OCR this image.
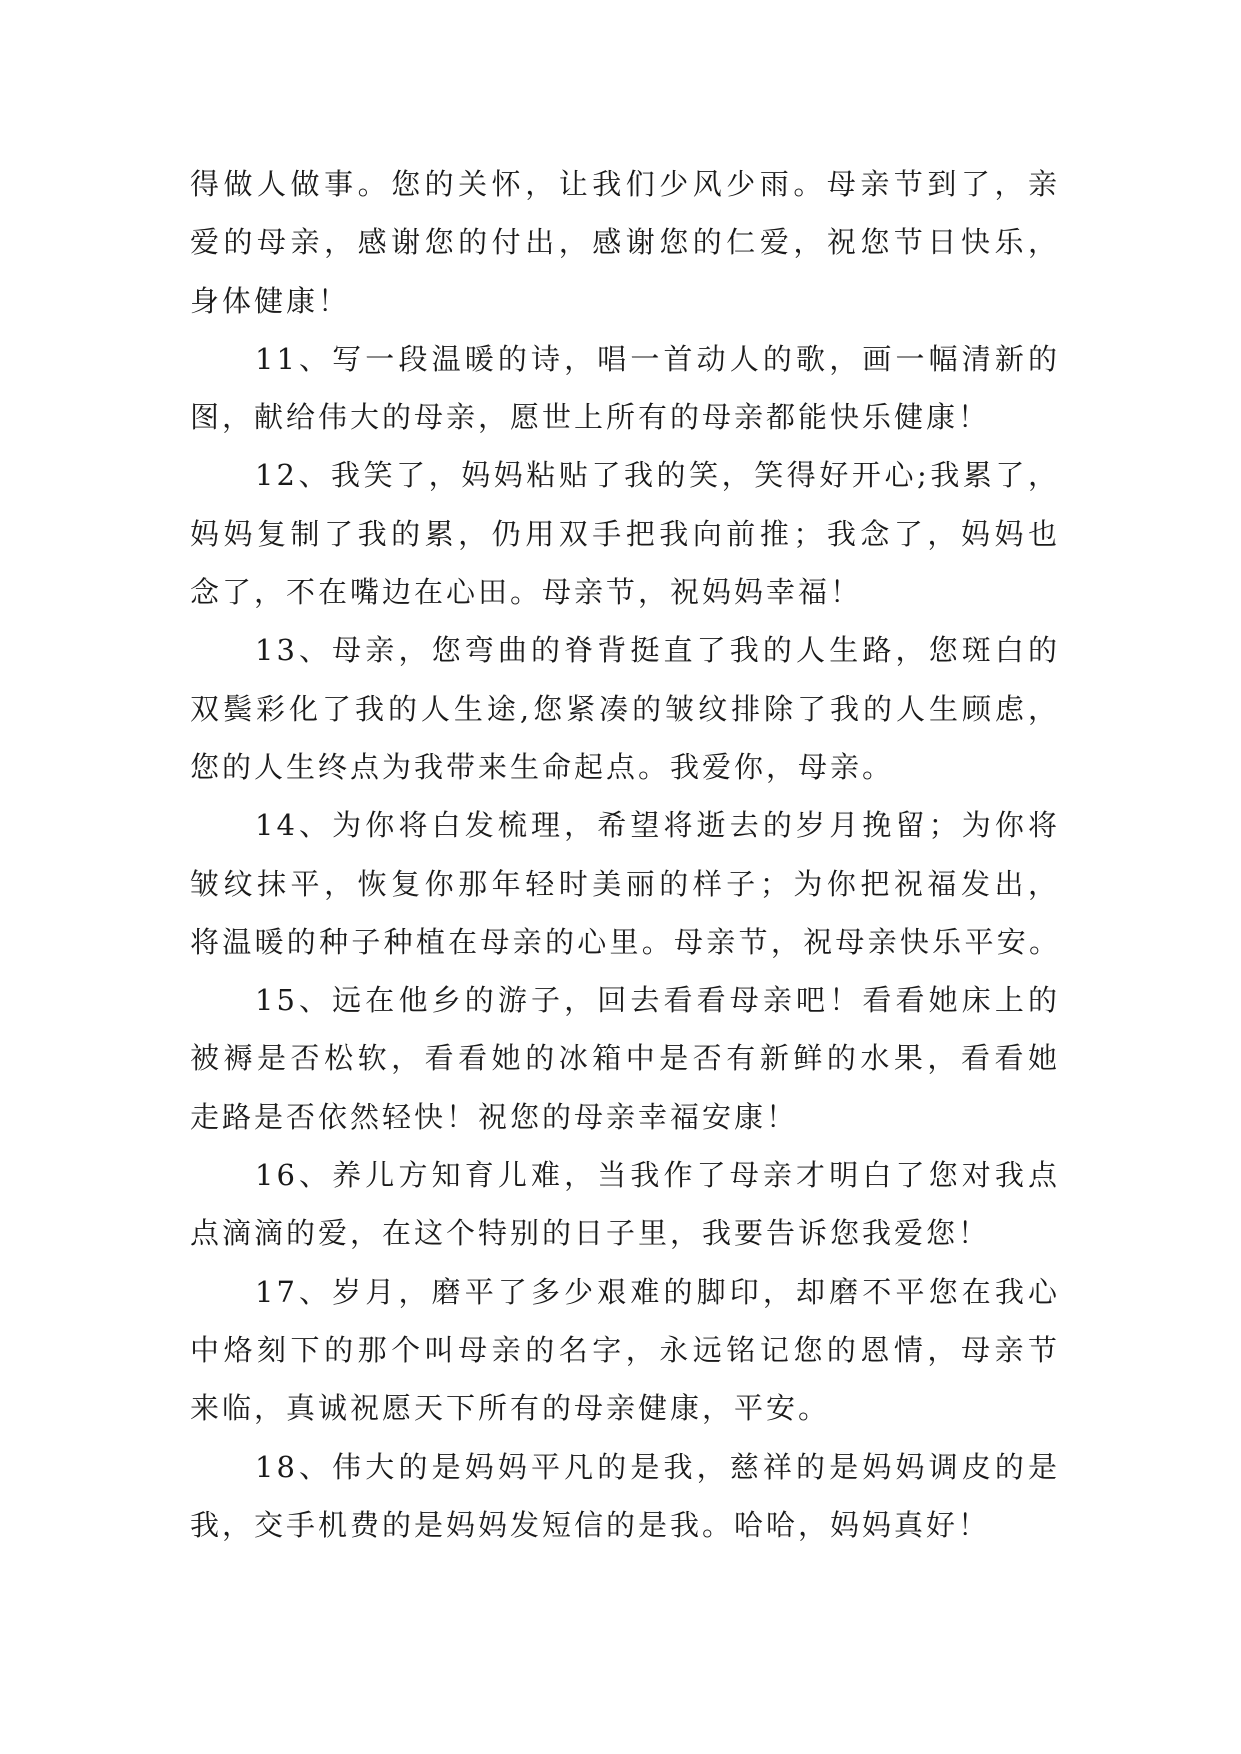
得做人做事。您的关怀，让我们少风少雨。母亲节到了，亲
爱的母亲，感谢您的付出，感谢您的仁爱，祝您节日快乐，
身体健康！
11、写一段温暖的诗，唱一首动人的歌，画一幅清新的
图，献给伟大的母亲，愿世上所有的母亲都能快乐健康！
12、我笑了，妈妈粘贴了我的笑，笑得好开心;我累了，
妈妈复制了我的累，仍用双手把我向前推；我念了，妈妈也
念了，不在嘴边在心田。母亲节，祝妈妈幸福！
13、母亲，您弯曲的脊背挺直了我的人生路，您斑白的
双鬓彩化了我的人生途,您紧凑的皱纹排除了我的人生顾虑，
您的人生终点为我带来生命起点。我爱你，母亲。
14、为你将白发梳理，希望将逝去的岁月挽留；为你将
皱纹抹平，恢复你那年轻时美丽的样子；为你把祝福发出，
将温暖的种子种植在母亲的心里。母亲节，祝母亲快乐平安。
15、远在他乡的游子，回去看看母亲吧！看看她床上的
被褥是否松软，看看她的冰箱中是否有新鲜的水果，看看她
走路是否依然轻快！祝您的母亲幸福安康！
16、养儿方知育儿难，当我作了母亲才明白了您对我点
点滴滴的爱，在这个特别的日子里，我要告诉您我爱您！
17、岁月，磨平了多少艰难的脚印，却磨不平您在我心
中烙刻下的那个叫母亲的名字，永远铭记您的恩情，母亲节
来临，真诚祝愿天下所有的母亲健康，平安。
18、伟大的是妈妈平凡的是我，慈祥的是妈妈调皮的是
我，交手机费的是妈妈发短信的是我。哈哈，妈妈真好！
